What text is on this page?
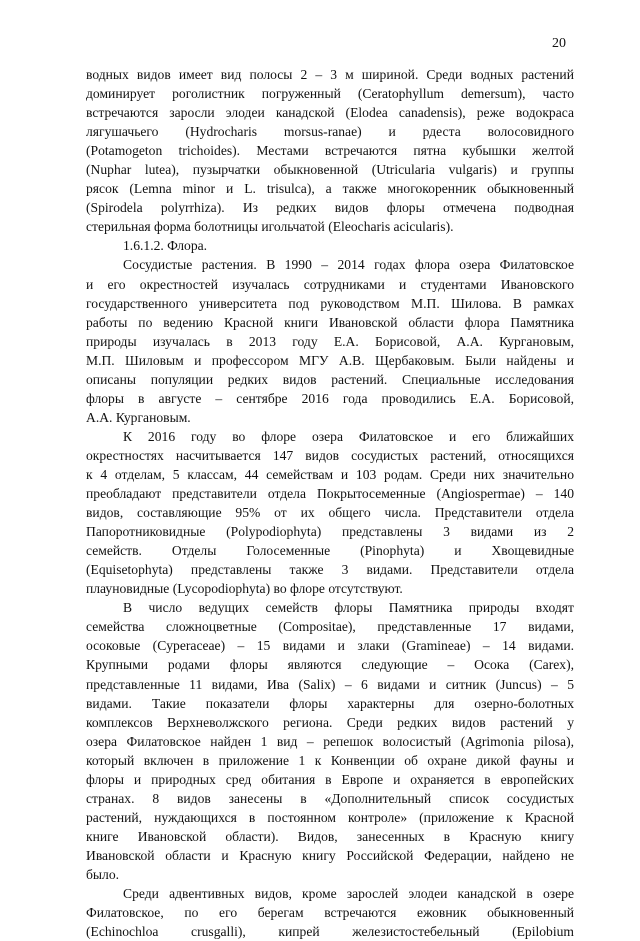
20

водных видов имеет вид полосы 2 – 3 м шириной. Среди водных растений

доминирует роголистник погруженный (Ceratophyllum demersum), часто

встречаются заросли элодеи канадской (Elodea canadensis), реже водокраса

лягушачьего (Hydrocharis morsus-ranae) и рдеста волосовидного

(Potamogeton trichoides). Местами встречаются пятна кубышки желтой

(Nuphar lutea), пузырчатки обыкновенной (Utricularia vulgaris) и группы

рясок (Lemna minor и L. trisulca), а также многокоренник обыкновенный

(Spirodela polyrrhiza). Из редких видов флоры отмечена подводная

стерильная форма болотницы игольчатой (Eleocharis acicularis).

1.6.1.2. Флора.

Сосудистые растения. В 1990 – 2014 годах флора озера Филатовское

и его окрестностей изучалась сотрудниками и студентами Ивановского

государственного университета под руководством М.П. Шилова. В рамках

работы по ведению Красной книги Ивановской области флора Памятника

природы изучалась в 2013 году Е.А. Борисовой, А.А. Кургановым,

М.П. Шиловым и профессором МГУ А.В. Щербаковым. Были найдены и

описаны популяции редких видов растений. Специальные исследования

флоры в августе – сентябре 2016 года проводились Е.А. Борисовой,

А.А. Кургановым.

К 2016 году во флоре озера Филатовское и его ближайших

окрестностях насчитывается 147 видов сосудистых растений, относящихся

к 4 отделам, 5 классам, 44 семействам и 103 родам. Среди них значительно

преобладают представители отдела Покрытосеменные (Angiospermae) – 140

видов, составляющие 95% от их общего числа. Представители отдела

Папоротниковидные (Polypodiophyta) представлены 3 видами из 2

семейств. Отделы Голосеменные (Pinophyta) и Хвощевидные

(Equisetophyta) представлены также 3 видами. Представители отдела

плауновидные (Lycopodiophyta) во флоре отсутствуют.

В число ведущих семейств флоры Памятника природы входят

семейства сложноцветные (Compositae), представленные 17 видами,

осоковые (Cyperaceae) – 15 видами и злаки (Gramineae) – 14 видами.

Крупными родами флоры являются следующие – Осока (Carex),

представленные 11 видами, Ива (Salix) – 6 видами и ситник (Juncus) – 5

видами. Такие показатели флоры характерны для озерно-болотных

комплексов Верхневолжского региона. Среди редких видов растений у

озера Филатовское найден 1 вид – репешок волосистый (Agrimonia pilosa),

который включен в приложение 1 к Конвенции об охране дикой фауны и

флоры и природных сред обитания в Европе и охраняется в европейских

странах. 8 видов занесены в «Дополнительный список сосудистых

растений, нуждающихся в постоянном контроле» (приложение к Красной

книге Ивановской области). Видов, занесенных в Красную книгу

Ивановской области и Красную книгу Российской Федерации, найдено не

было.

Среди адвентивных видов, кроме зарослей элодеи канадской в озере

Филатовское, по его берегам встречаются ежовник обыкновенный

(Echinochloa crusgalli), кипрей железистостебельный (Epilobium
